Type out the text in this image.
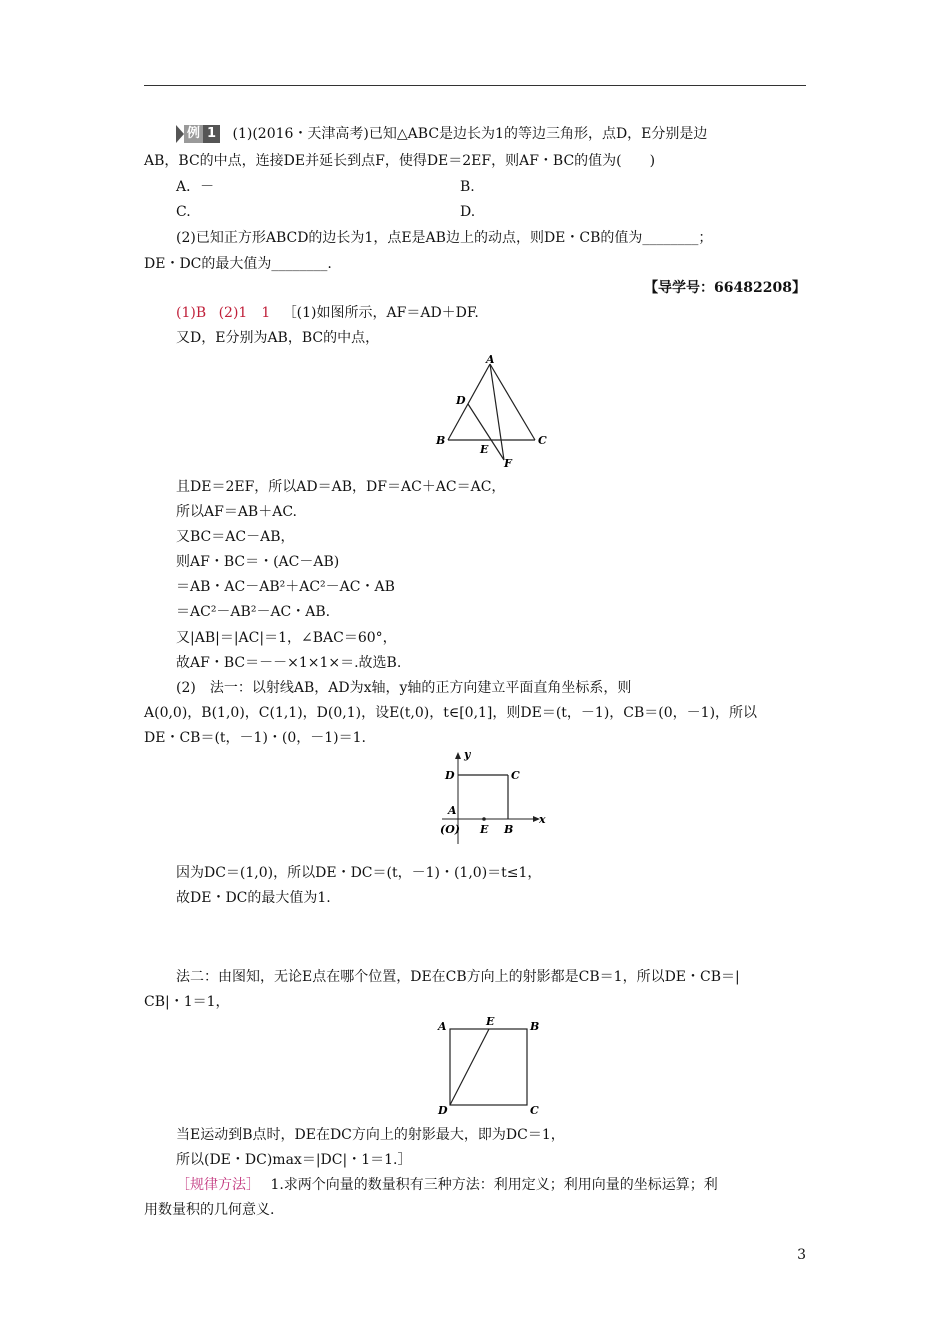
例 1 (1)(2016・天津高考)已知△ABC是边长为1的等边三角形，点D，E分别是边
AB，BC的中点，连接DE并延长到点F，使得DE＝2EF，则AF・BC的值为(　　)
A．－	B.
C.	D.
(2)已知正方形ABCD的边长为1，点E是AB边上的动点，则DE・CB的值为________；
DE・DC的最大值为________.
【导学号：66482208】
(1)B (2)1　1 ［(1)如图所示，AF＝AD＋DF.
又D，E分别为AB，BC的中点，
A
D
B
E
C
F
且DE＝2EF，所以AD＝AB，DF＝AC＋AC＝AC，
所以AF＝AB＋AC.
又BC＝AC－AB，
则AF・BC＝・(AC－AB)
＝AB・AC－AB²＋AC²－AC・AB
＝AC²－AB²－AC・AB.
又|AB|＝|AC|＝1，∠BAC＝60°，
故AF・BC＝－－×1×1×＝.故选B.
(2)　法一：以射线AB，AD为x轴，y轴的正方向建立平面直角坐标系，则
A(0,0)，B(1,0)，C(1,1)，D(0,1)，设E(t,0)，t∈[0,1]，则DE＝(t，－1)，CB＝(0，－1)，所以
DE・CB＝(t，－1)・(0，－1)＝1.
y
D	C
A
(O) E B
x
因为DC＝(1,0)，所以DE・DC＝(t，－1)・(1,0)＝t≤1，
故DE・DC的最大值为1.
法二：由图知，无论E点在哪个位置，DE在CB方向上的射影都是CB＝1，所以DE・CB＝|
CB|・1＝1，
A	E	B
D	C
当E运动到B点时，DE在DC方向上的射影最大，即为DC＝1，
所以(DE・DC)max＝|DC|・1＝1.］
［规律方法］ 1.求两个向量的数量积有三种方法：利用定义；利用向量的坐标运算；利
用数量积的几何意义.
3
